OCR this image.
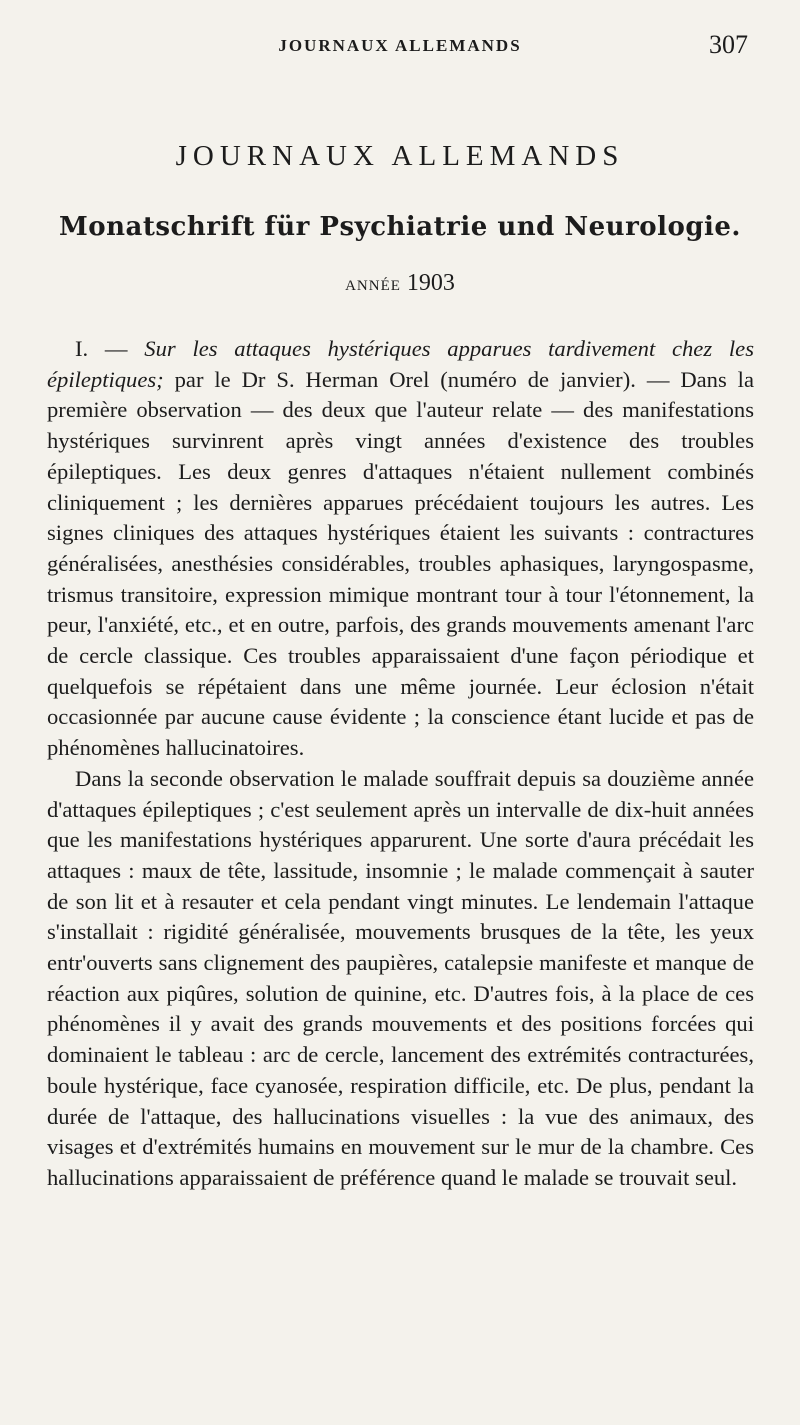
JOURNAUX ALLEMANDS	307
JOURNAUX ALLEMANDS
Monatschrift für Psychiatrie und Neurologie.
ANNÉE 1903

I. — Sur les attaques hystériques apparues tardivement chez les épileptiques; par le Dr S. Herman Orel (numéro de janvier). — Dans la première observation — des deux que l'auteur relate — des manifestations hystériques survinrent après vingt années d'existence des troubles épileptiques. Les deux genres d'attaques n'étaient nullement combinés cliniquement ; les dernières apparues précédaient toujours les autres. Les signes cliniques des attaques hystériques étaient les suivants : contractures généralisées, anesthésies considérables, troubles aphasiques, laryngospasme, trismus transitoire, expression mimique montrant tour à tour l'étonnement, la peur, l'anxiété, etc., et en outre, parfois, des grands mouvements amenant l'arc de cercle classique. Ces troubles apparaissaient d'une façon périodique et quelquefois se répétaient dans une même journée. Leur éclosion n'était occasionnée par aucune cause évidente ; la conscience étant lucide et pas de phénomènes hallucinatoires.

Dans la seconde observation le malade souffrait depuis sa douzième année d'attaques épileptiques ; c'est seulement après un intervalle de dix-huit années que les manifestations hystériques apparurent. Une sorte d'aura précédait les attaques : maux de tête, lassitude, insomnie ; le malade commençait à sauter de son lit et à resauter et cela pendant vingt minutes. Le lendemain l'attaque s'installait : rigidité généralisée, mouvements brusques de la tête, les yeux entr'ouverts sans clignement des paupières, catalepsie manifeste et manque de réaction aux piqûres, solution de quinine, etc. D'autres fois, à la place de ces phénomènes il y avait des grands mouvements et des positions forcées qui dominaient le tableau : arc de cercle, lancement des extrémités contracturées, boule hystérique, face cyanosée, respiration difficile, etc. De plus, pendant la durée de l'attaque, des hallucinations visuelles : la vue des animaux, des visages et d'extrémités humains en mouvement sur le mur de la chambre. Ces hallucinations apparaissaient de préférence quand le malade se trouvait seul.
